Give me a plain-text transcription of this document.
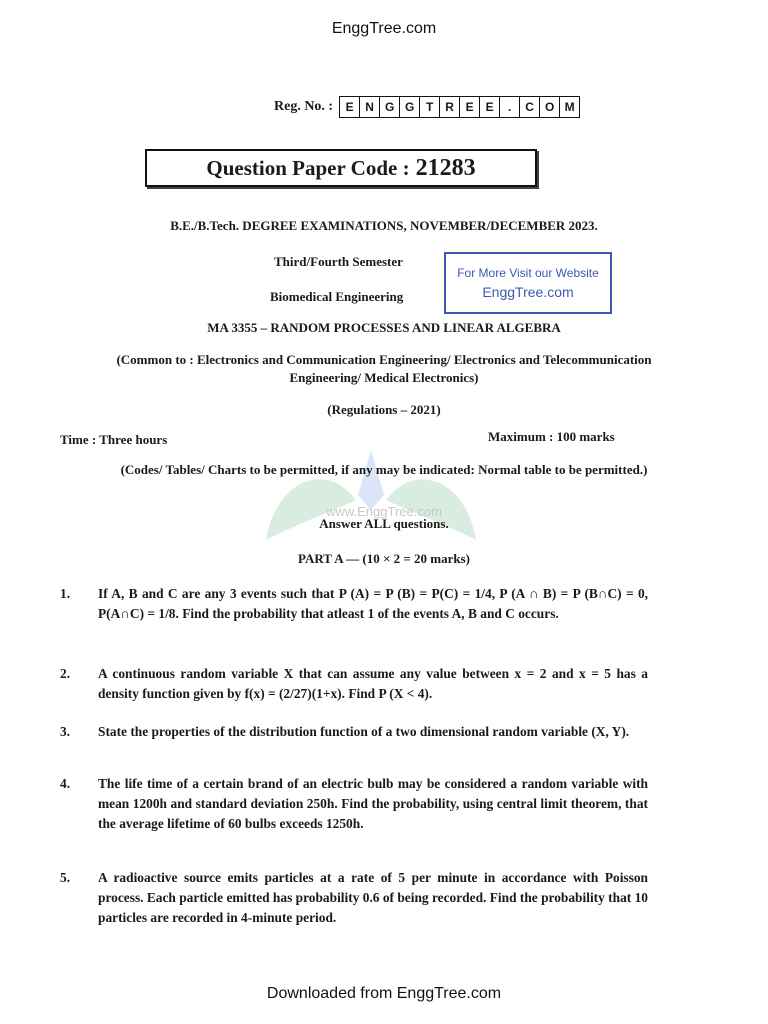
EnggTree.com
Reg. No. :	E N G G T R E E	.	C O M
Question Paper Code : 21283
B.E./B.Tech. DEGREE EXAMINATIONS, NOVEMBER/DECEMBER 2023.
Third/Fourth Semester
Biomedical Engineering
For More Visit our Website
EnggTree.com
www.EnggTree.com
MA 3355 – RANDOM PROCESSES AND LINEAR ALGEBRA
(Common to : Electronics and Communication Engineering/ Electronics and Telecommunication Engineering/ Medical Electronics)
(Regulations – 2021)
Time : Three hours	Maximum : 100 marks
(Codes/ Tables/ Charts to be permitted, if any may be indicated: Normal table to be permitted.)
Answer ALL questions.
PART A — (10 × 2 = 20 marks)
1.	If A, B and C are any 3 events such that P (A) = P (B) = P(C) = 1/4, P (A ∩ B) = P (B∩C) = 0, P(A∩C) = 1/8. Find the probability that atleast 1 of the events A, B and C occurs.
2.	A continuous random variable X that can assume any value between x = 2 and x = 5 has a density function given by f(x) = (2/27)(1+x). Find P (X < 4).
3.	State the properties of the distribution function of a two dimensional random variable (X, Y).
4.	The life time of a certain brand of an electric bulb may be considered a random variable with mean 1200h and standard deviation 250h. Find the probability, using central limit theorem, that the average lifetime of 60 bulbs exceeds 1250h.
5.	A radioactive source emits particles at a rate of 5 per minute in accordance with Poisson process. Each particle emitted has probability 0.6 of being recorded. Find the probability that 10 particles are recorded in 4-minute period.
Downloaded from EnggTree.com
